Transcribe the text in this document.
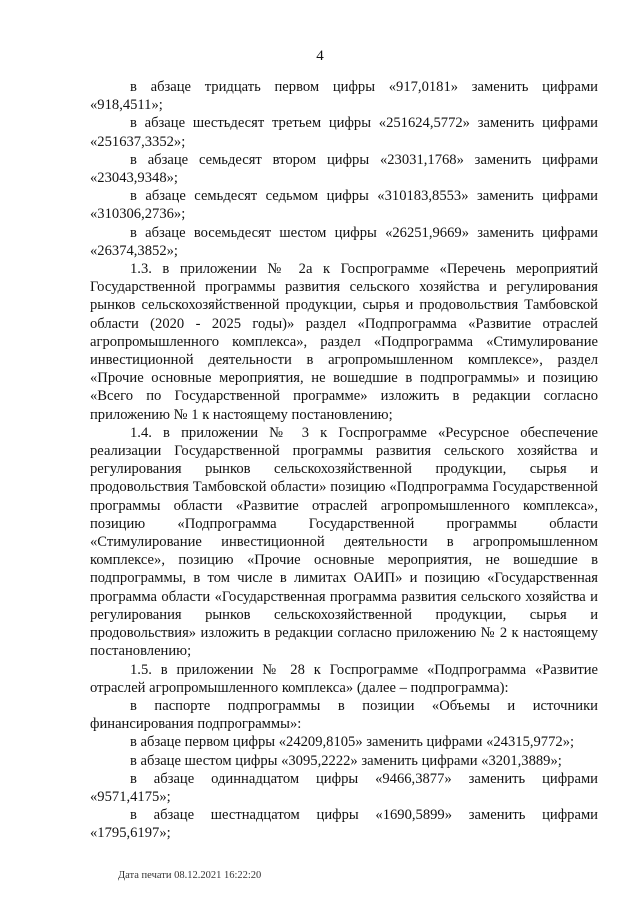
4

в абзаце тридцать первом цифры «917,0181» заменить цифрами «918,4511»;

в абзаце шестьдесят третьем цифры «251624,5772» заменить цифрами «251637,3352»;

в абзаце семьдесят втором цифры «23031,1768» заменить цифрами «23043,9348»;

в абзаце семьдесят седьмом цифры «310183,8553» заменить цифрами «310306,2736»;

в абзаце восемьдесят шестом цифры «26251,9669» заменить цифрами «26374,3852»;

1.3. в приложении № 2а к Госпрограмме «Перечень мероприятий Государственной программы развития сельского хозяйства и регулирования рынков сельскохозяйственной продукции, сырья и продовольствия Тамбовской области (2020 - 2025 годы)» раздел «Подпрограмма «Развитие отраслей агропромышленного комплекса», раздел «Подпрограмма «Стимулирование инвестиционной деятельности в агропромышленном комплексе», раздел «Прочие основные мероприятия, не вошедшие в подпрограммы» и позицию «Всего по Государственной программе» изложить в редакции согласно приложению № 1 к настоящему постановлению;

1.4. в приложении № 3 к Госпрограмме «Ресурсное обеспечение реализации Государственной программы развития сельского хозяйства и регулирования рынков сельскохозяйственной продукции, сырья и продовольствия Тамбовской области» позицию «Подпрограмма Государственной программы области «Развитие отраслей агропромышленного комплекса», позицию «Подпрограмма Государственной программы области «Стимулирование инвестиционной деятельности в агропромышленном комплексе», позицию «Прочие основные мероприятия, не вошедшие в подпрограммы, в том числе в лимитах ОАИП» и позицию «Государственная программа области «Государственная программа развития сельского хозяйства и регулирования рынков сельскохозяйственной продукции, сырья и продовольствия» изложить в редакции согласно приложению № 2 к настоящему постановлению;

1.5. в приложении № 28 к Госпрограмме «Подпрограмма «Развитие отраслей агропромышленного комплекса» (далее – подпрограмма):

в паспорте подпрограммы в позиции «Объемы и источники финансирования подпрограммы»:

в абзаце первом цифры «24209,8105» заменить цифрами «24315,9772»;

в абзаце шестом цифры «3095,2222» заменить цифрами «3201,3889»;

в абзаце одиннадцатом цифры «9466,3877» заменить цифрами «9571,4175»;

в абзаце шестнадцатом цифры «1690,5899» заменить цифрами «1795,6197»;

Дата печати 08.12.2021 16:22:20
